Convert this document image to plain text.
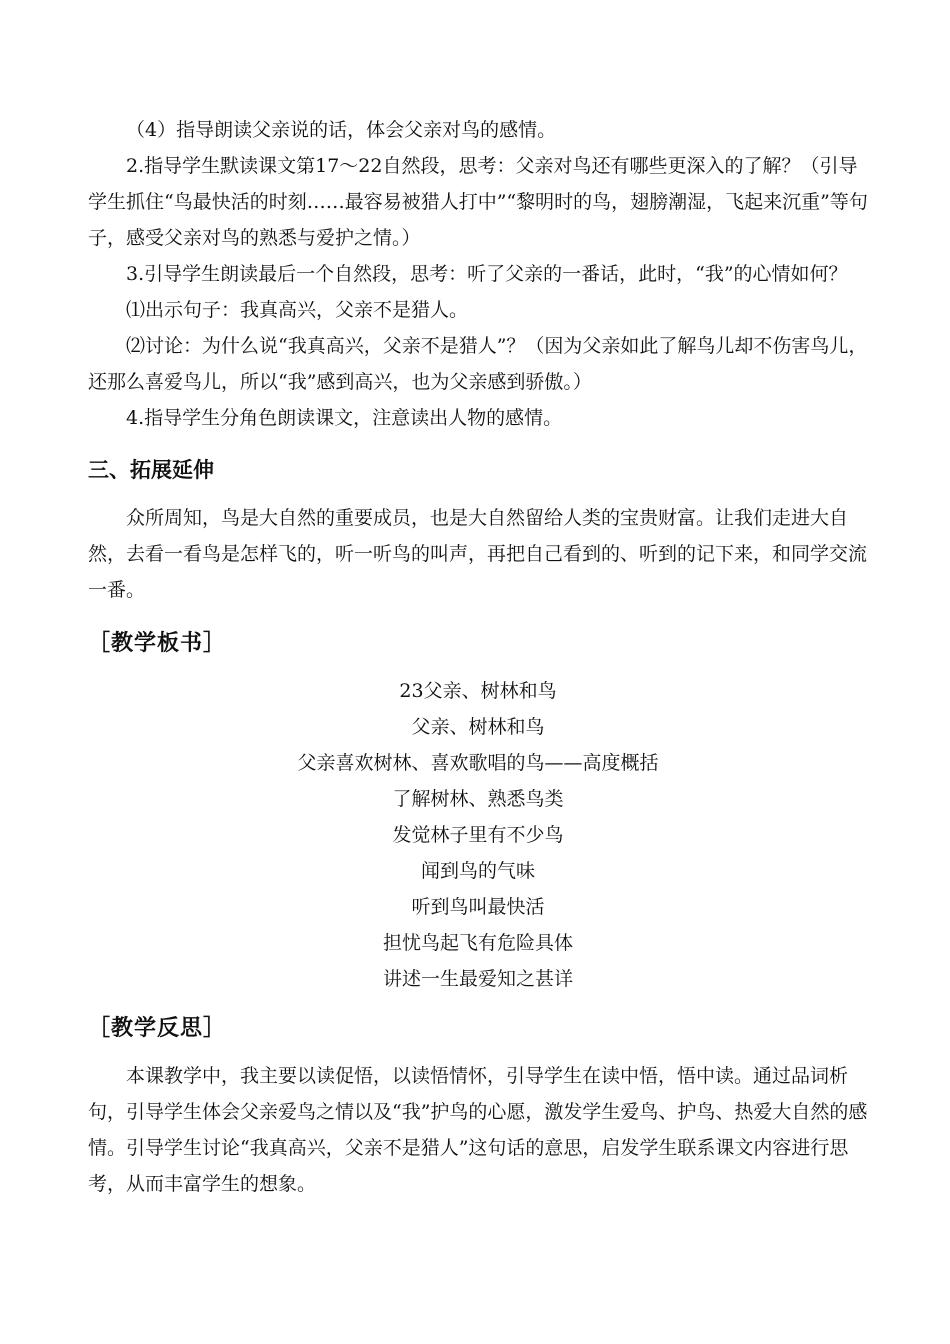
（4）指导朗读父亲说的话，体会父亲对鸟的感情。

2.指导学生默读课文第17～22自然段，思考：父亲对鸟还有哪些更深入的了解？（引导学生抓住“鸟最快活的时刻……最容易被猎人打中”“黎明时的鸟，翅膀潮湿，飞起来沉重”等句子，感受父亲对鸟的熟悉与爱护之情。）

3.引导学生朗读最后一个自然段，思考：听了父亲的一番话，此时，“我”的心情如何？

⑴出示句子：我真高兴，父亲不是猎人。

⑵讨论：为什么说“我真高兴，父亲不是猎人”？（因为父亲如此了解鸟儿却不伤害鸟儿，还那么喜爱鸟儿，所以“我”感到高兴，也为父亲感到骄傲。）

4.指导学生分角色朗读课文，注意读出人物的感情。

三、拓展延伸

众所周知，鸟是大自然的重要成员，也是大自然留给人类的宝贵财富。让我们走进大自然，去看一看鸟是怎样飞的，听一听鸟的叫声，再把自己看到的、听到的记下来，和同学交流一番。

［教学板书］
23父亲、树林和鸟
父亲、树林和鸟
父亲喜欢树林、喜欢歌唱的鸟——高度概括
了解树林、熟悉鸟类
发觉林子里有不少鸟
闻到鸟的气味
听到鸟叫最快活
担忧鸟起飞有危险具体
讲述一生最爱知之甚详
［教学反思］

本课教学中，我主要以读促悟，以读悟情怀，引导学生在读中悟，悟中读。通过品词析句，引导学生体会父亲爱鸟之情以及“我”护鸟的心愿，激发学生爱鸟、护鸟、热爱大自然的感情。引导学生讨论“我真高兴，父亲不是猎人”这句话的意思，启发学生联系课文内容进行思考，从而丰富学生的想象。
